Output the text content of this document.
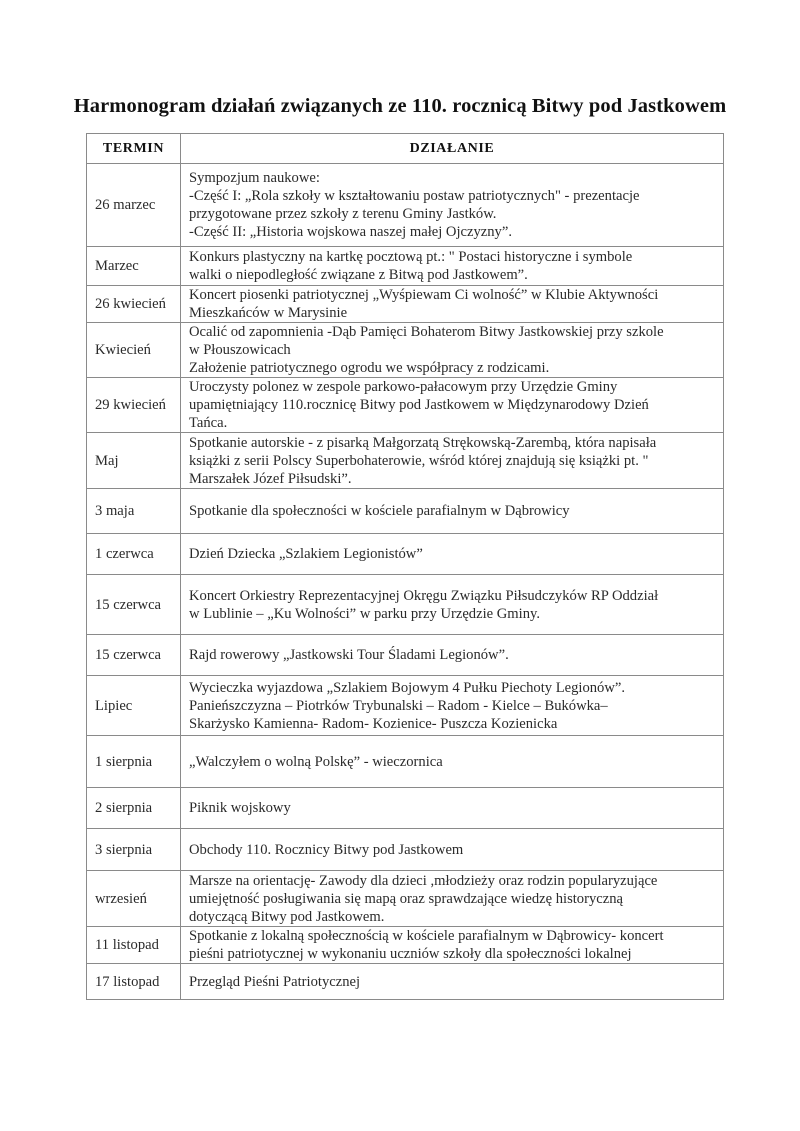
Harmonogram działań związanych ze 110. rocznicą Bitwy pod Jastkowem
TERMIN	DZIAŁANIE
26 marzec	Sympozjum naukowe:
-Część I: „Rola szkoły w kształtowaniu postaw patriotycznych" - prezentacje
przygotowane przez szkoły z terenu Gminy Jastków.
-Część II: „Historia wojskowa naszej małej Ojczyzny”.

Marzec	Konkurs plastyczny na kartkę pocztową pt.: " Postaci historyczne i symbole
walki o niepodległość związane z Bitwą pod Jastkowem”.

26 kwiecień	Koncert piosenki patriotycznej „Wyśpiewam Ci wolność” w Klubie Aktywności
Mieszkańców w Marysinie

Kwiecień	Ocalić od zapomnienia -Dąb Pamięci Bohaterom Bitwy Jastkowskiej przy szkole
w Płouszowicach
Założenie patriotycznego ogrodu we współpracy z rodzicami.

29 kwiecień	Uroczysty polonez w zespole parkowo-pałacowym przy Urzędzie Gminy
upamiętniający 110.rocznicę Bitwy pod Jastkowem w Międzynarodowy Dzień
Tańca.

Maj	Spotkanie autorskie - z pisarką Małgorzatą Strękowską-Zarembą, która napisała
książki z serii Polscy Superbohaterowie, wśród której znajdują się książki pt. "
Marszałek Józef Piłsudski”.

3 maja	Spotkanie dla społeczności w kościele parafialnym w Dąbrowicy

1 czerwca	Dzień Dziecka „Szlakiem Legionistów”

15 czerwca	Koncert Orkiestry Reprezentacyjnej Okręgu Związku Piłsudczyków RP Oddział
w Lublinie – „Ku Wolności” w parku przy Urzędzie Gminy.

15 czerwca	Rajd rowerowy „Jastkowski Tour Śladami Legionów”.

Lipiec	Wycieczka wyjazdowa „Szlakiem Bojowym 4 Pułku Piechoty Legionów”.
Panieńszczyzna – Piotrków Trybunalski – Radom - Kielce – Bukówka–
Skarżysko Kamienna- Radom- Kozienice- Puszcza Kozienicka

1 sierpnia	„Walczyłem o wolną Polskę” - wieczornica

2 sierpnia	Piknik wojskowy

3 sierpnia	Obchody 110. Rocznicy Bitwy pod Jastkowem

wrzesień	Marsze na orientację- Zawody dla dzieci ,młodzieży oraz rodzin popularyzujące
umiejętność posługiwania się mapą oraz sprawdzające wiedzę historyczną
dotyczącą Bitwy pod Jastkowem.

11 listopad	Spotkanie z lokalną społecznością w kościele parafialnym w Dąbrowicy- koncert
pieśni patriotycznej w wykonaniu uczniów szkoły dla społeczności lokalnej

17 listopad	Przegląd Pieśni Patriotycznej
